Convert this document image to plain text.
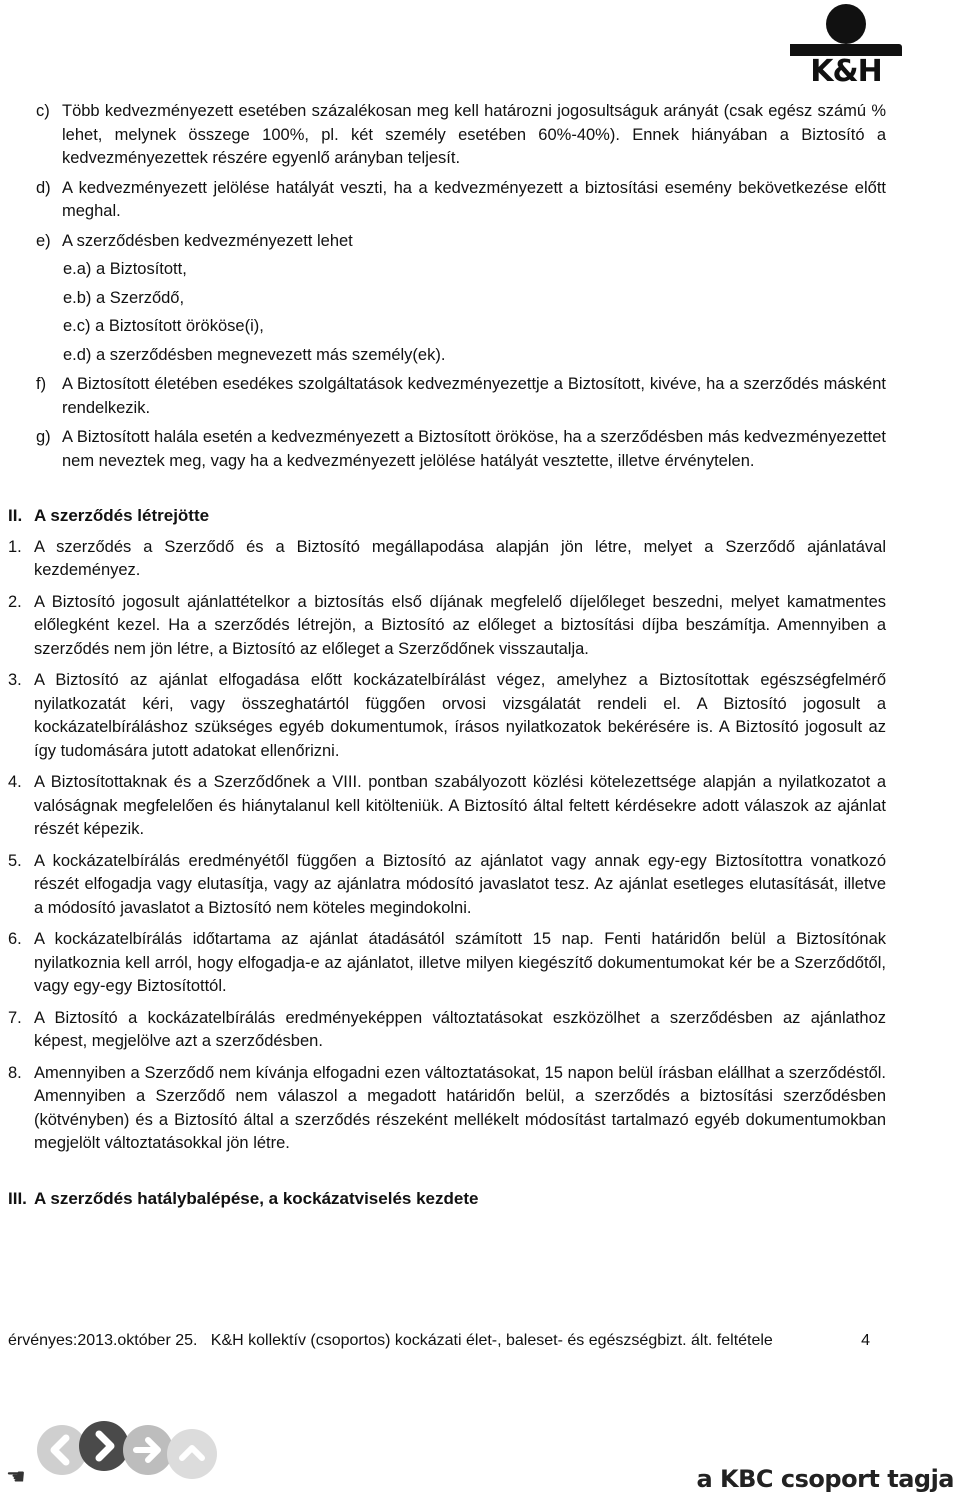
K&H
c) Több kedvezményezett esetében százalékosan meg kell határozni jogosultságuk arányát (csak egész számú % lehet, melynek összege 100%, pl. két személy esetében 60%-40%). Ennek hiányában a Biztosító a kedvezményezettek részére egyenlő arányban teljesít.
d) A kedvezményezett jelölése hatályát veszti, ha a kedvezményezett a biztosítási esemény bekövetkezése előtt meghal.
e) A szerződésben kedvezményezett lehet
e.a) a Biztosított,
e.b) a Szerződő,
e.c) a Biztosított örököse(i),
e.d) a szerződésben megnevezett más személy(ek).
f) A Biztosított életében esedékes szolgáltatások kedvezményezettje a Biztosított, kivéve, ha a szerződés másként rendelkezik.
g) A Biztosított halála esetén a kedvezményezett a Biztosított örököse, ha a szerződésben más kedvezményezettet nem neveztek meg, vagy ha a kedvezményezett jelölése hatályát vesztette, illetve érvénytelen.
II. A szerződés létrejötte
1. A szerződés a Szerződő és a Biztosító megállapodása alapján jön létre, melyet a Szerződő ajánlatával kezdeményez.
2. A Biztosító jogosult ajánlattételkor a biztosítás első díjának megfelelő díjelőleget beszedni, melyet kamatmentes előlegként kezel. Ha a szerződés létrejön, a Biztosító az előleget a biztosítási díjba beszámítja. Amennyiben a szerződés nem jön létre, a Biztosító az előleget a Szerződőnek visszautalja.
3. A Biztosító az ajánlat elfogadása előtt kockázatelbírálást végez, amelyhez a Biztosítottak egészségfelmérő nyilatkozatát kéri, vagy összeghatártól függően orvosi vizsgálatát rendeli el. A Biztosító jogosult a kockázatelbíráláshoz szükséges egyéb dokumentumok, írásos nyilatkozatok bekérésére is. A Biztosító jogosult az így tudomására jutott adatokat ellenőrizni.
4. A Biztosítottaknak és a Szerződőnek a VIII. pontban szabályozott közlési kötelezettsége alapján a nyilatkozatot a valóságnak megfelelően és hiánytalanul kell kitölteniük. A Biztosító által feltett kérdésekre adott válaszok az ajánlat részét képezik.
5. A kockázatelbírálás eredményétől függően a Biztosító az ajánlatot vagy annak egy-egy Biztosítottra vonatkozó részét elfogadja vagy elutasítja, vagy az ajánlatra módosító javaslatot tesz. Az ajánlat esetleges elutasítását, illetve a módosító javaslatot a Biztosító nem köteles megindokolni.
6. A kockázatelbírálás időtartama az ajánlat átadásától számított 15 nap. Fenti határidőn belül a Biztosítónak nyilatkoznia kell arról, hogy elfogadja-e az ajánlatot, illetve milyen kiegészítő dokumentumokat kér be a Szerződőtől, vagy egy-egy Biztosítottól.
7. A Biztosító a kockázatelbírálás eredményeképpen változtatásokat eszközölhet a szerződésben az ajánlathoz képest, megjelölve azt a szerződésben.
8. Amennyiben a Szerződő nem kívánja elfogadni ezen változtatásokat, 15 napon belül írásban elállhat a szerződéstől. Amennyiben a Szerződő nem válaszol a megadott határidőn belül, a szerződés a biztosítási szerződésben (kötvényben) és a Biztosító által a szerződés részeként mellékelt módosítást tartalmazó egyéb dokumentumokban megjelölt változtatásokkal jön létre.
III. A szerződés hatálybalépése, a kockázatviselés kezdete
érvényes:2013.október 25.   K&H kollektív (csoportos) kockázati élet-, baleset- és egészségbizt. ált. feltétele	4
☚	a KBC csoport tagja
